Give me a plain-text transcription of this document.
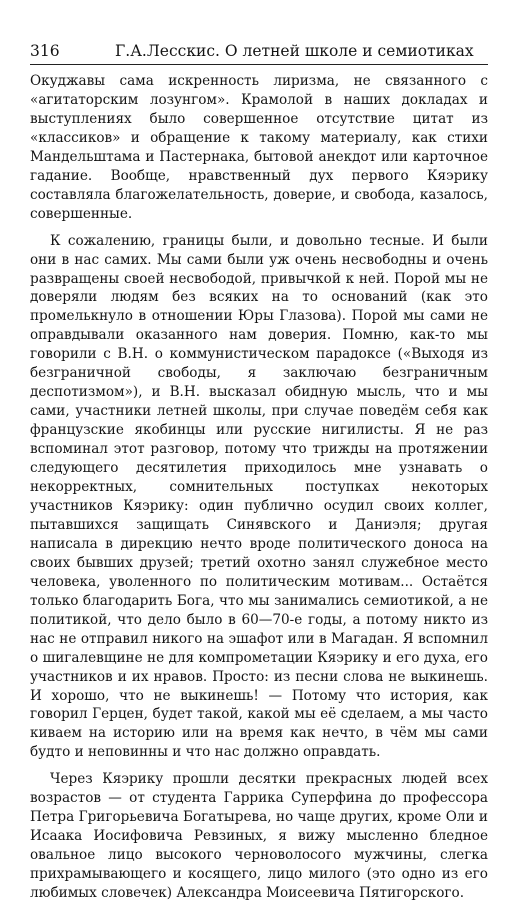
316	Г.А.Лесскис. О летней школе и семиотиках

Окуджавы сама искренность лиризма, не связанного с «агитаторским лозунгом». Крамолой в наших докладах и выступлениях было совершенное отсутствие цитат из «классиков» и обращение к такому материалу, как стихи Мандельштама и Пастернака, бытовой анекдот или карточное гадание. Вообще, нравственный дух первого Кяэрику составляла благожелательность, доверие, и свобода, казалось, совершенные.

К сожалению, границы были, и довольно тесные. И были они в нас самих. Мы сами были уж очень несвободны и очень развращены своей несвободой, привычкой к ней. Порой мы не доверяли людям без всяких на то оснований (как это промелькнуло в отношении Юры Глазова). Порой мы сами не оправдывали оказанного нам доверия. Помню, как-то мы говорили с В.Н. о коммунистическом парадоксе («Выходя из безграничной свободы, я заключаю безграничным деспотизмом»), и В.Н. высказал обидную мысль, что и мы сами, участники летней школы, при случае поведём себя как французские якобинцы или русские нигилисты. Я не раз вспоминал этот разговор, потому что трижды на протяжении следующего десятилетия приходилось мне узнавать о некорректных, сомнительных поступках некоторых участников Кяэрику: один публично осудил своих коллег, пытавшихся защищать Синявского и Даниэля; другая написала в дирекцию нечто вроде политического доноса на своих бывших друзей; третий охотно занял служебное место человека, уволенного по политическим мотивам... Остаётся только благодарить Бога, что мы занимались семиотикой, а не политикой, что дело было в 60—70-е годы, а потому никто из нас не отправил никого на эшафот или в Магадан. Я вспомнил о шигалевщине не для компрометации Кяэрику и его духа, его участников и их нравов. Просто: из песни слова не выкинешь. И хорошо, что не выкинешь! — Потому что история, как говорил Герцен, будет такой, какой мы её сделаем, а мы часто киваем на историю или на время как нечто, в чём мы сами будто и неповинны и что нас должно оправдать.

Через Кяэрику прошли десятки прекрасных людей всех возрастов — от студента Гаррика Суперфина до профессора Петра Григорьевича Богатырева, но чаще других, кроме Оли и Исаака Иосифовича Ревзиных, я вижу мысленно бледное овальное лицо высокого черноволосого мужчины, слегка прихрамывающего и косящего, лицо милого (это одно из его любимых словечек) Александра Моисеевича Пятигорского.
